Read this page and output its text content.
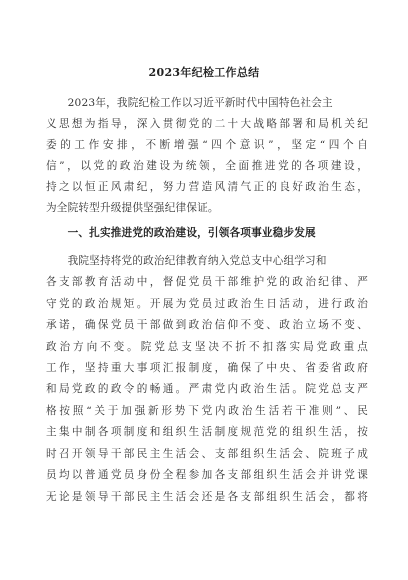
2023年纪检工作总结
　　2023年，我院纪检工作以习近平新时代中国特色社会主
义思想为指导，深入贯彻党的二十大战略部署和局机关纪
委的工作安排，不断增强“四个意识”，坚定“四个自
信”，以党的政治建设为统领，全面推进党的各项建设，
持之以恒正风肃纪，努力营造风清气正的良好政治生态，
为全院转型升级提供坚强纪律保证。
　　一、扎实推进党的政治建设，引领各项事业稳步发展
　　我院坚持将党的政治纪律教育纳入党总支中心组学习和
各支部教育活动中，督促党员干部维护党的政治纪律、严
守党的政治规矩。开展为党员过政治生日活动，进行政治
承诺，确保党员干部做到政治信仰不变、政治立场不变、
政治方向不变。院党总支坚决不折不扣落实局党政重点
工作，坚持重大事项汇报制度，确保了中央、省委省政府
和局党政的政令的畅通。严肃党内政治生活。院党总支严
格按照“关于加强新形势下党内政治生活若干准则”、民
主集中制各项制度和组织生活制度规范党的组织生活，按
时召开领导干部民主生活会、支部组织生活会、院班子成
员均以普通党员身份全程参加各支部组织生活会并讲党课
无论是领导干部民主生活会还是各支部组织生活会，都将
